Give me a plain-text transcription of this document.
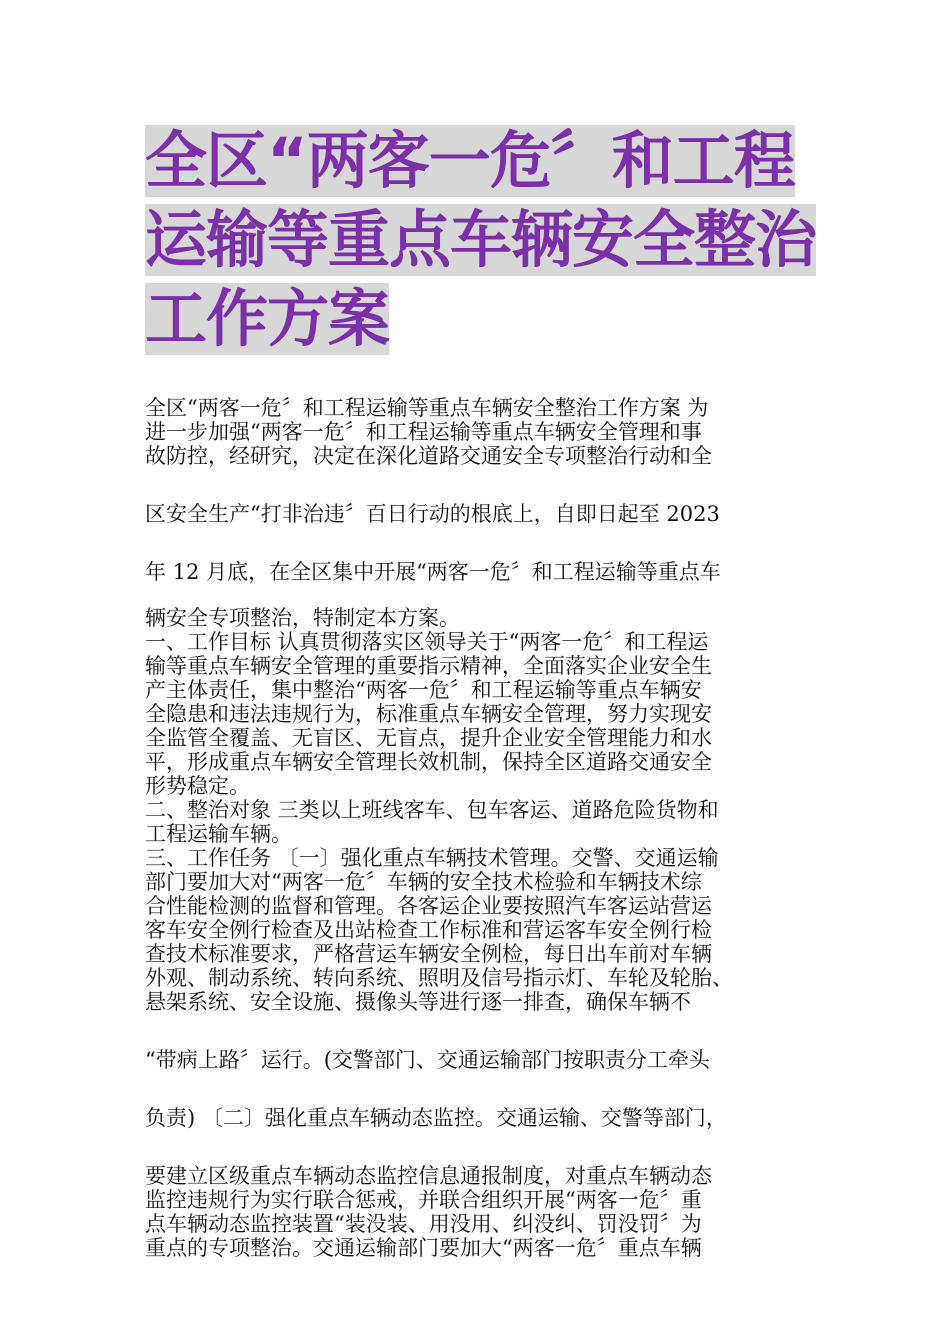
全区“两客一危〞和工程
运输等重点车辆安全整治
工作方案
全区“两客一危〞和工程运输等重点车辆安全整治工作方案 为
进一步加强“两客一危〞和工程运输等重点车辆安全管理和事
故防控，经研究，决定在深化道路交通安全专项整治行动和全
区安全生产“打非治违〞百日行动的根底上，自即日起至 2023
年 12 月底，在全区集中开展“两客一危〞和工程运输等重点车
辆安全专项整治，特制定本方案。
一、工作目标 认真贯彻落实区领导关于“两客一危〞和工程运
输等重点车辆安全管理的重要指示精神，全面落实企业安全生
产主体责任，集中整治“两客一危〞和工程运输等重点车辆安
全隐患和违法违规行为，标准重点车辆安全管理，努力实现安
全监管全覆盖、无盲区、无盲点，提升企业安全管理能力和水
平，形成重点车辆安全管理长效机制，保持全区道路交通安全
形势稳定。
二、整治对象 三类以上班线客车、包车客运、道路危险货物和
工程运输车辆。
三、工作任务 〔一〕强化重点车辆技术管理。交警、交通运输
部门要加大对“两客一危〞车辆的安全技术检验和车辆技术综
合性能检测的监督和管理。各客运企业要按照汽车客运站营运
客车安全例行检查及出站检查工作标准和营运客车安全例行检
查技术标准要求，严格营运车辆安全例检，每日出车前对车辆
外观、制动系统、转向系统、照明及信号指示灯、车轮及轮胎、
悬架系统、安全设施、摄像头等进行逐一排查，确保车辆不
“带病上路〞运行。(交警部门、交通运输部门按职责分工牵头
负责) 〔二〕强化重点车辆动态监控。交通运输、交警等部门，
要建立区级重点车辆动态监控信息通报制度，对重点车辆动态
监控违规行为实行联合惩戒，并联合组织开展“两客一危〞重
点车辆动态监控装置“装没装、用没用、纠没纠、罚没罚〞为
重点的专项整治。交通运输部门要加大“两客一危〞重点车辆
